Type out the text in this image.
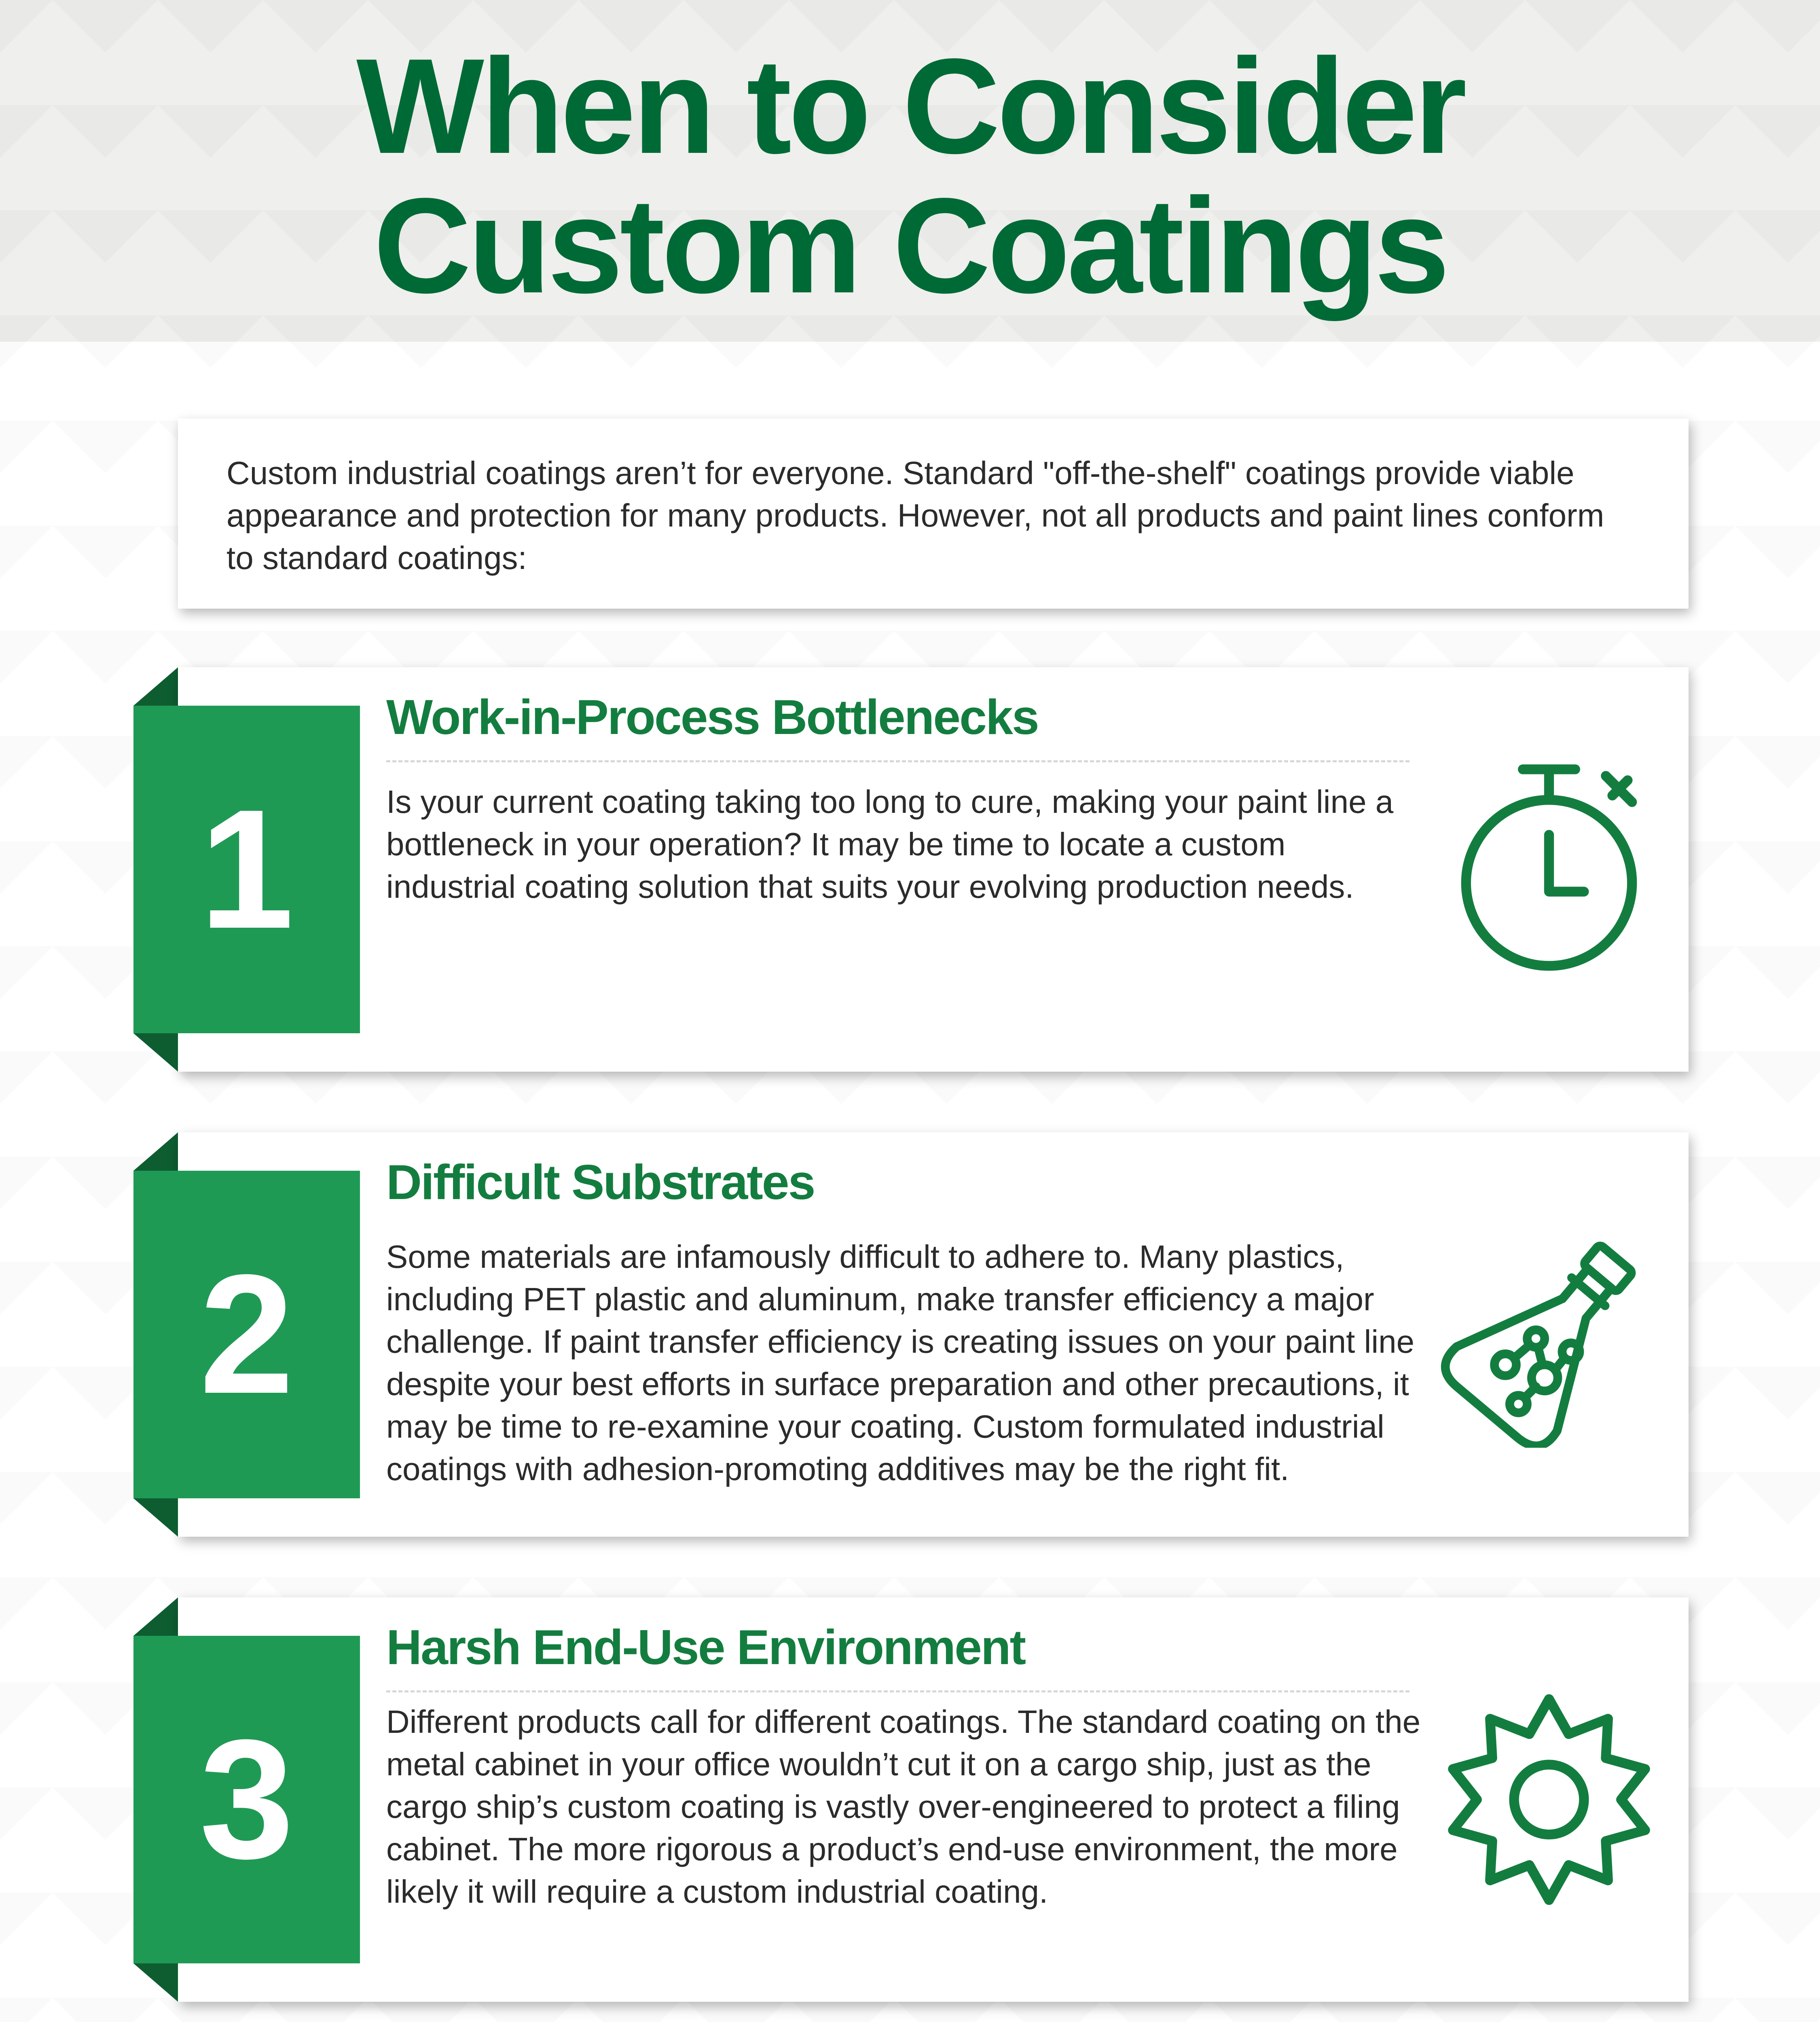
When to Consider
Custom Coatings
Custom industrial coatings aren’t for everyone. Standard "off-the-shelf" coatings provide viable appearance and protection for many products. However, not all products and paint lines conform to standard coatings:
Work-in-Process Bottlenecks
Is your current coating taking too long to cure, making your paint line a bottleneck in your operation? It may be time to locate a custom industrial coating solution that suits your evolving production needs.
1
Difficult Substrates
Some materials are infamously difficult to adhere to. Many plastics, including PET plastic and aluminum, make transfer efficiency a major challenge. If paint transfer efficiency is creating issues on your paint line despite your best efforts in surface preparation and other precautions, it may be time to re-examine your coating. Custom formulated industrial coatings with adhesion-promoting additives may be the right fit.
2
Harsh End-Use Environment
Different products call for different coatings. The standard coating on the metal cabinet in your office wouldn’t cut it on a cargo ship, just as the cargo ship’s custom coating is vastly over-engineered to protect a filing cabinet. The more rigorous a product’s end-use environment, the more likely it will require a custom industrial coating.
3
